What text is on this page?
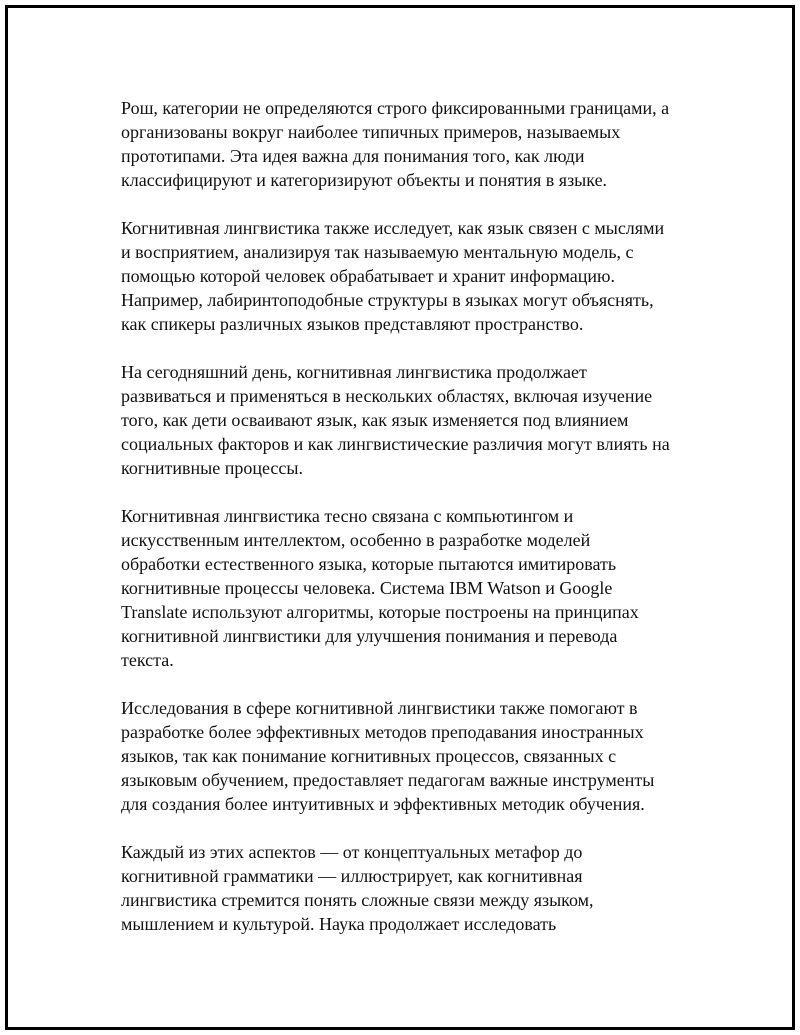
Рош, категории не определяются строго фиксированными границами, а
организованы вокруг наиболее типичных примеров, называемых
прототипами. Эта идея важна для понимания того, как люди
классифицируют и категоризируют объекты и понятия в языке.

Когнитивная лингвистика также исследует, как язык связен с мыслями
и восприятием, анализируя так называемую ментальную модель, с
помощью которой человек обрабатывает и хранит информацию.
Например, лабиринтоподобные структуры в языках могут объяснять,
как спикеры различных языков представляют пространство.

На сегодняшний день, когнитивная лингвистика продолжает
развиваться и применяться в нескольких областях, включая изучение
того, как дети осваивают язык, как язык изменяется под влиянием
социальных факторов и как лингвистические различия могут влиять на
когнитивные процессы.

Когнитивная лингвистика тесно связана с компьютингом и
искусственным интеллектом, особенно в разработке моделей
обработки естественного языка, которые пытаются имитировать
когнитивные процессы человека. Система IBM Watson и Google
Translate используют алгоритмы, которые построены на принципах
когнитивной лингвистики для улучшения понимания и перевода
текста.

Исследования в сфере когнитивной лингвистики также помогают в
разработке более эффективных методов преподавания иностранных
языков, так как понимание когнитивных процессов, связанных с
языковым обучением, предоставляет педагогам важные инструменты
для создания более интуитивных и эффективных методик обучения.

Каждый из этих аспектов — от концептуальных метафор до
когнитивной грамматики — иллюстрирует, как когнитивная
лингвистика стремится понять сложные связи между языком,
мышлением и культурой. Наука продолжает исследовать
